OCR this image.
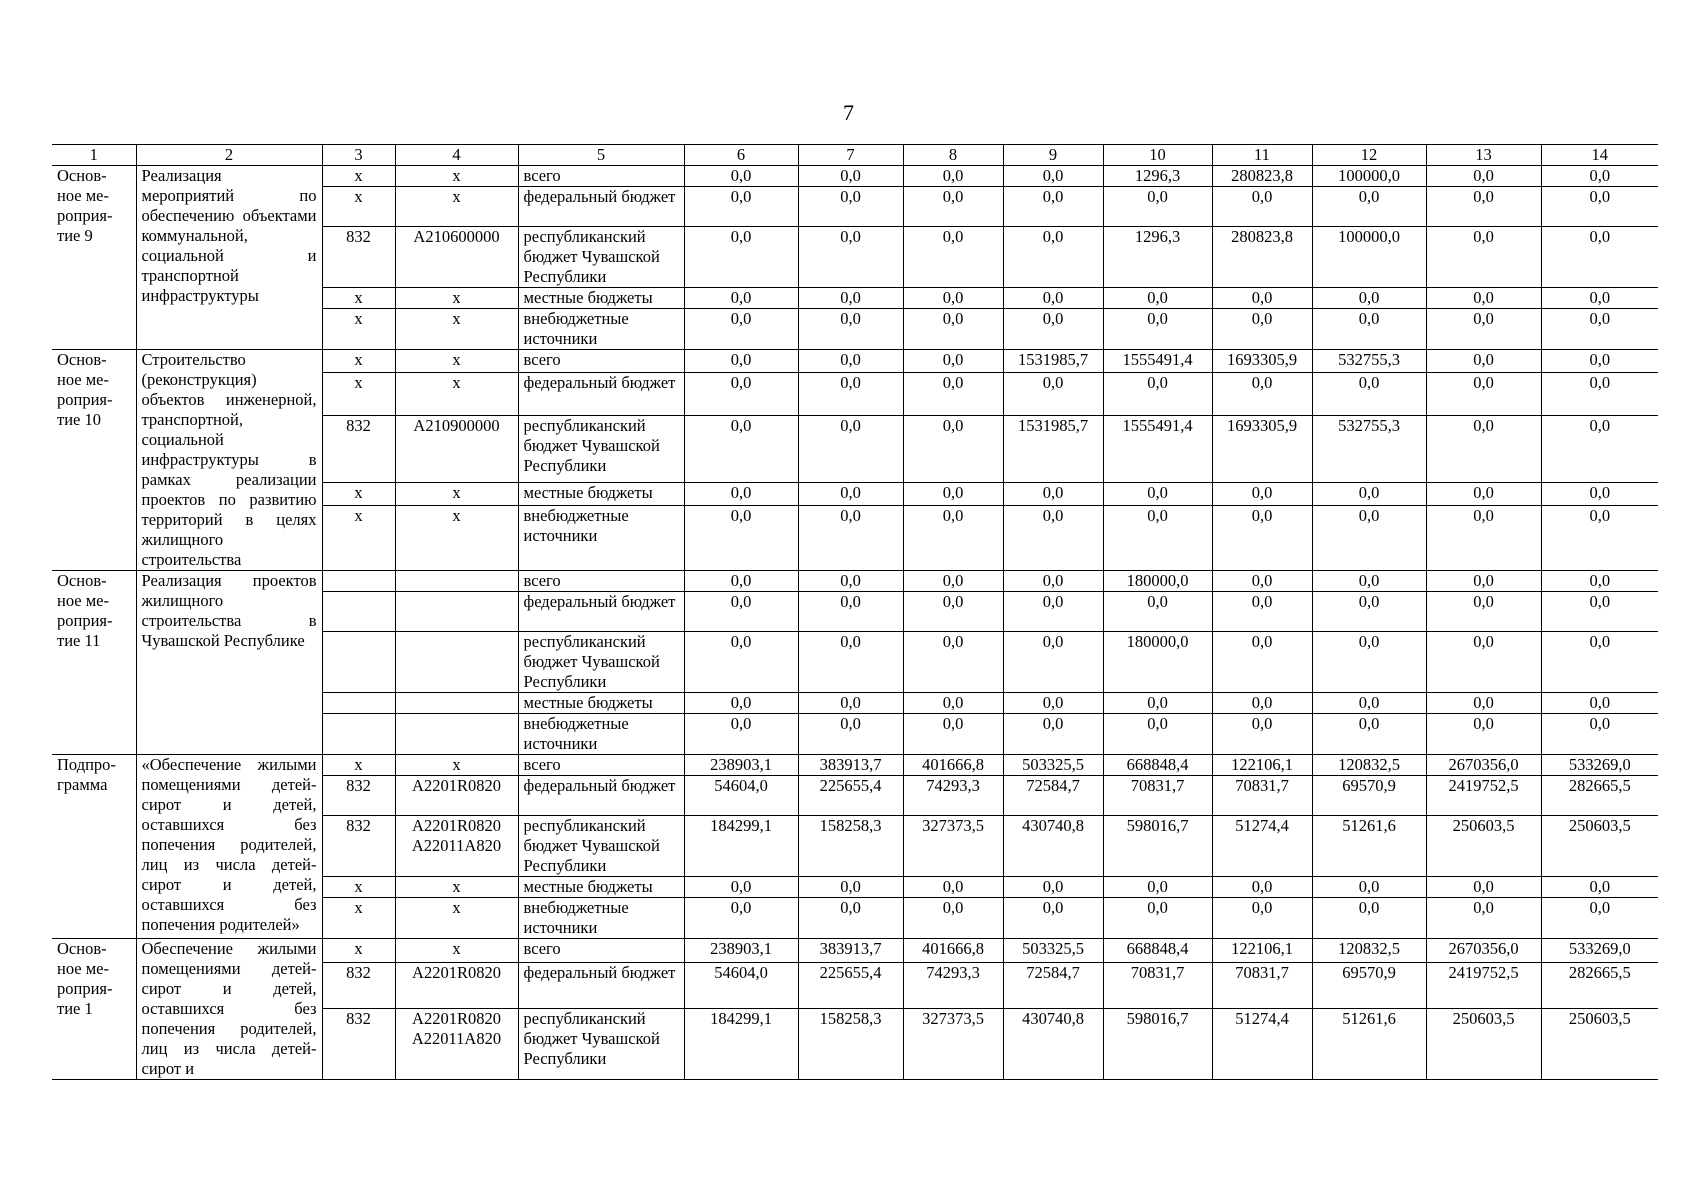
7
1	2	3	4	5	6	7	8	9	10	11	12	13	14
Основ-ное ме-роприя-тие 9	Реализация мероприятий по обеспечению объектами коммунальной, социальной и транспортной инфраструктуры	x	x	всего	0,0	0,0	0,0	0,0	1296,3	280823,8	100000,0	0,0	0,0
		x	x	федеральный бюджет	0,0	0,0	0,0	0,0	0,0	0,0	0,0	0,0	0,0
		832	А210600000	республиканский бюджет Чувашской Республики	0,0	0,0	0,0	0,0	1296,3	280823,8	100000,0	0,0	0,0
		x	x	местные бюджеты	0,0	0,0	0,0	0,0	0,0	0,0	0,0	0,0	0,0
		x	x	внебюджетные источники	0,0	0,0	0,0	0,0	0,0	0,0	0,0	0,0	0,0
Основ-ное ме-роприя-тие 10	Строительство (реконструкция) объектов инженерной, транспортной, социальной инфраструктуры в рамках реализации проектов по развитию территорий в целях жилищного строительства	x	x	всего	0,0	0,0	0,0	1531985,7	1555491,4	1693305,9	532755,3	0,0	0,0
		x	x	федеральный бюджет	0,0	0,0	0,0	0,0	0,0	0,0	0,0	0,0	0,0
		832	А210900000	республиканский бюджет Чувашской Республики	0,0	0,0	0,0	1531985,7	1555491,4	1693305,9	532755,3	0,0	0,0
		x	x	местные бюджеты	0,0	0,0	0,0	0,0	0,0	0,0	0,0	0,0	0,0
		x	x	внебюджетные источники	0,0	0,0	0,0	0,0	0,0	0,0	0,0	0,0	0,0
Основ-ное ме-роприя-тие 11	Реализация проектов жилищного строительства в Чувашской Республике			всего	0,0	0,0	0,0	0,0	180000,0	0,0	0,0	0,0	0,0
				федеральный бюджет	0,0	0,0	0,0	0,0	0,0	0,0	0,0	0,0	0,0
				республиканский бюджет Чувашской Республики	0,0	0,0	0,0	0,0	180000,0	0,0	0,0	0,0	0,0
				местные бюджеты	0,0	0,0	0,0	0,0	0,0	0,0	0,0	0,0	0,0
				внебюджетные источники	0,0	0,0	0,0	0,0	0,0	0,0	0,0	0,0	0,0
Подпро-грамма	«Обеспечение жилыми помещениями детей-сирот и детей, оставшихся без попечения родителей, лиц из числа детей-сирот и детей, оставшихся без попечения родителей»	x	x	всего	238903,1	383913,7	401666,8	503325,5	668848,4	122106,1	120832,5	2670356,0	533269,0
		832	А2201R0820	федеральный бюджет	54604,0	225655,4	74293,3	72584,7	70831,7	70831,7	69570,9	2419752,5	282665,5
		832	А2201R0820 А22011А820	республиканский бюджет Чувашской Республики	184299,1	158258,3	327373,5	430740,8	598016,7	51274,4	51261,6	250603,5	250603,5
		x	x	местные бюджеты	0,0	0,0	0,0	0,0	0,0	0,0	0,0	0,0	0,0
		x	x	внебюджетные источники	0,0	0,0	0,0	0,0	0,0	0,0	0,0	0,0	0,0
Основ-ное ме-роприя-тие 1	Обеспечение жилыми помещениями детей-сирот и детей, оставшихся без попечения родителей, лиц из числа детей-сирот и	x	x	всего	238903,1	383913,7	401666,8	503325,5	668848,4	122106,1	120832,5	2670356,0	533269,0
		832	А2201R0820	федеральный бюджет	54604,0	225655,4	74293,3	72584,7	70831,7	70831,7	69570,9	2419752,5	282665,5
		832	А2201R0820 А22011А820	республиканский бюджет Чувашской Республики	184299,1	158258,3	327373,5	430740,8	598016,7	51274,4	51261,6	250603,5	250603,5
